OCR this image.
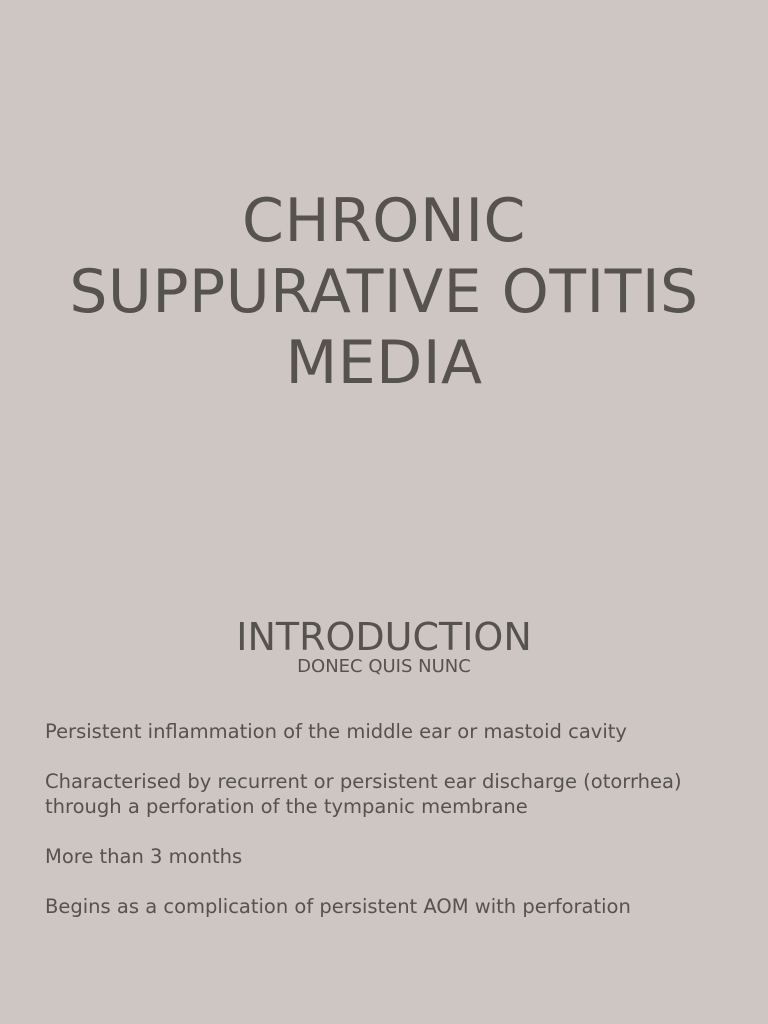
CHRONIC
SUPPURATIVE OTITIS
MEDIA
INTRODUCTION
DONEC QUIS NUNC
Persistent inflammation of the middle ear or mastoid cavity
Characterised by recurrent or persistent ear discharge (otorrhea) through a perforation of the tympanic membrane
More than 3 months
Begins as a complication of persistent AOM with perforation
